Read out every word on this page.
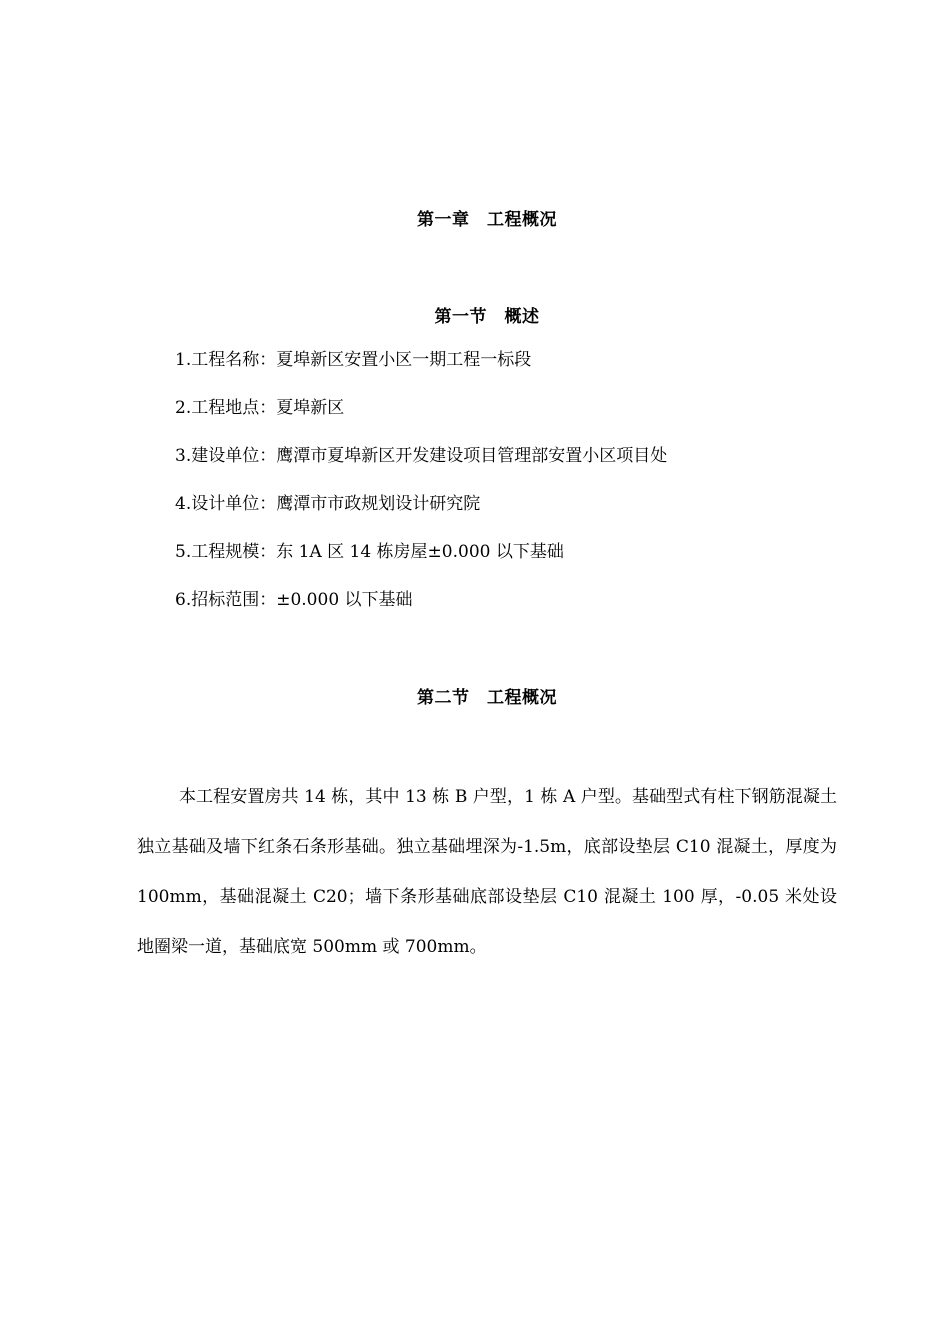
第一章　工程概况
第一节　概述
1.工程名称：夏埠新区安置小区一期工程一标段
2.工程地点：夏埠新区
3.建设单位：鹰潭市夏埠新区开发建设项目管理部安置小区项目处
4.设计单位：鹰潭市市政规划设计研究院
5.工程规模：东 1A 区 14 栋房屋±0.000 以下基础
6.招标范围：±0.000 以下基础
第二节　工程概况

本工程安置房共 14 栋，其中 13 栋 B 户型，1 栋 A 户型。基础型式有柱下钢筋混凝土独立基础及墙下红条石条形基础。独立基础埋深为-1.5m，底部设垫层 C10 混凝土，厚度为 100mm，基础混凝土 C20；墙下条形基础底部设垫层 C10 混凝土 100 厚，-0.05 米处设地圈梁一道，基础底宽 500mm 或 700mm。
